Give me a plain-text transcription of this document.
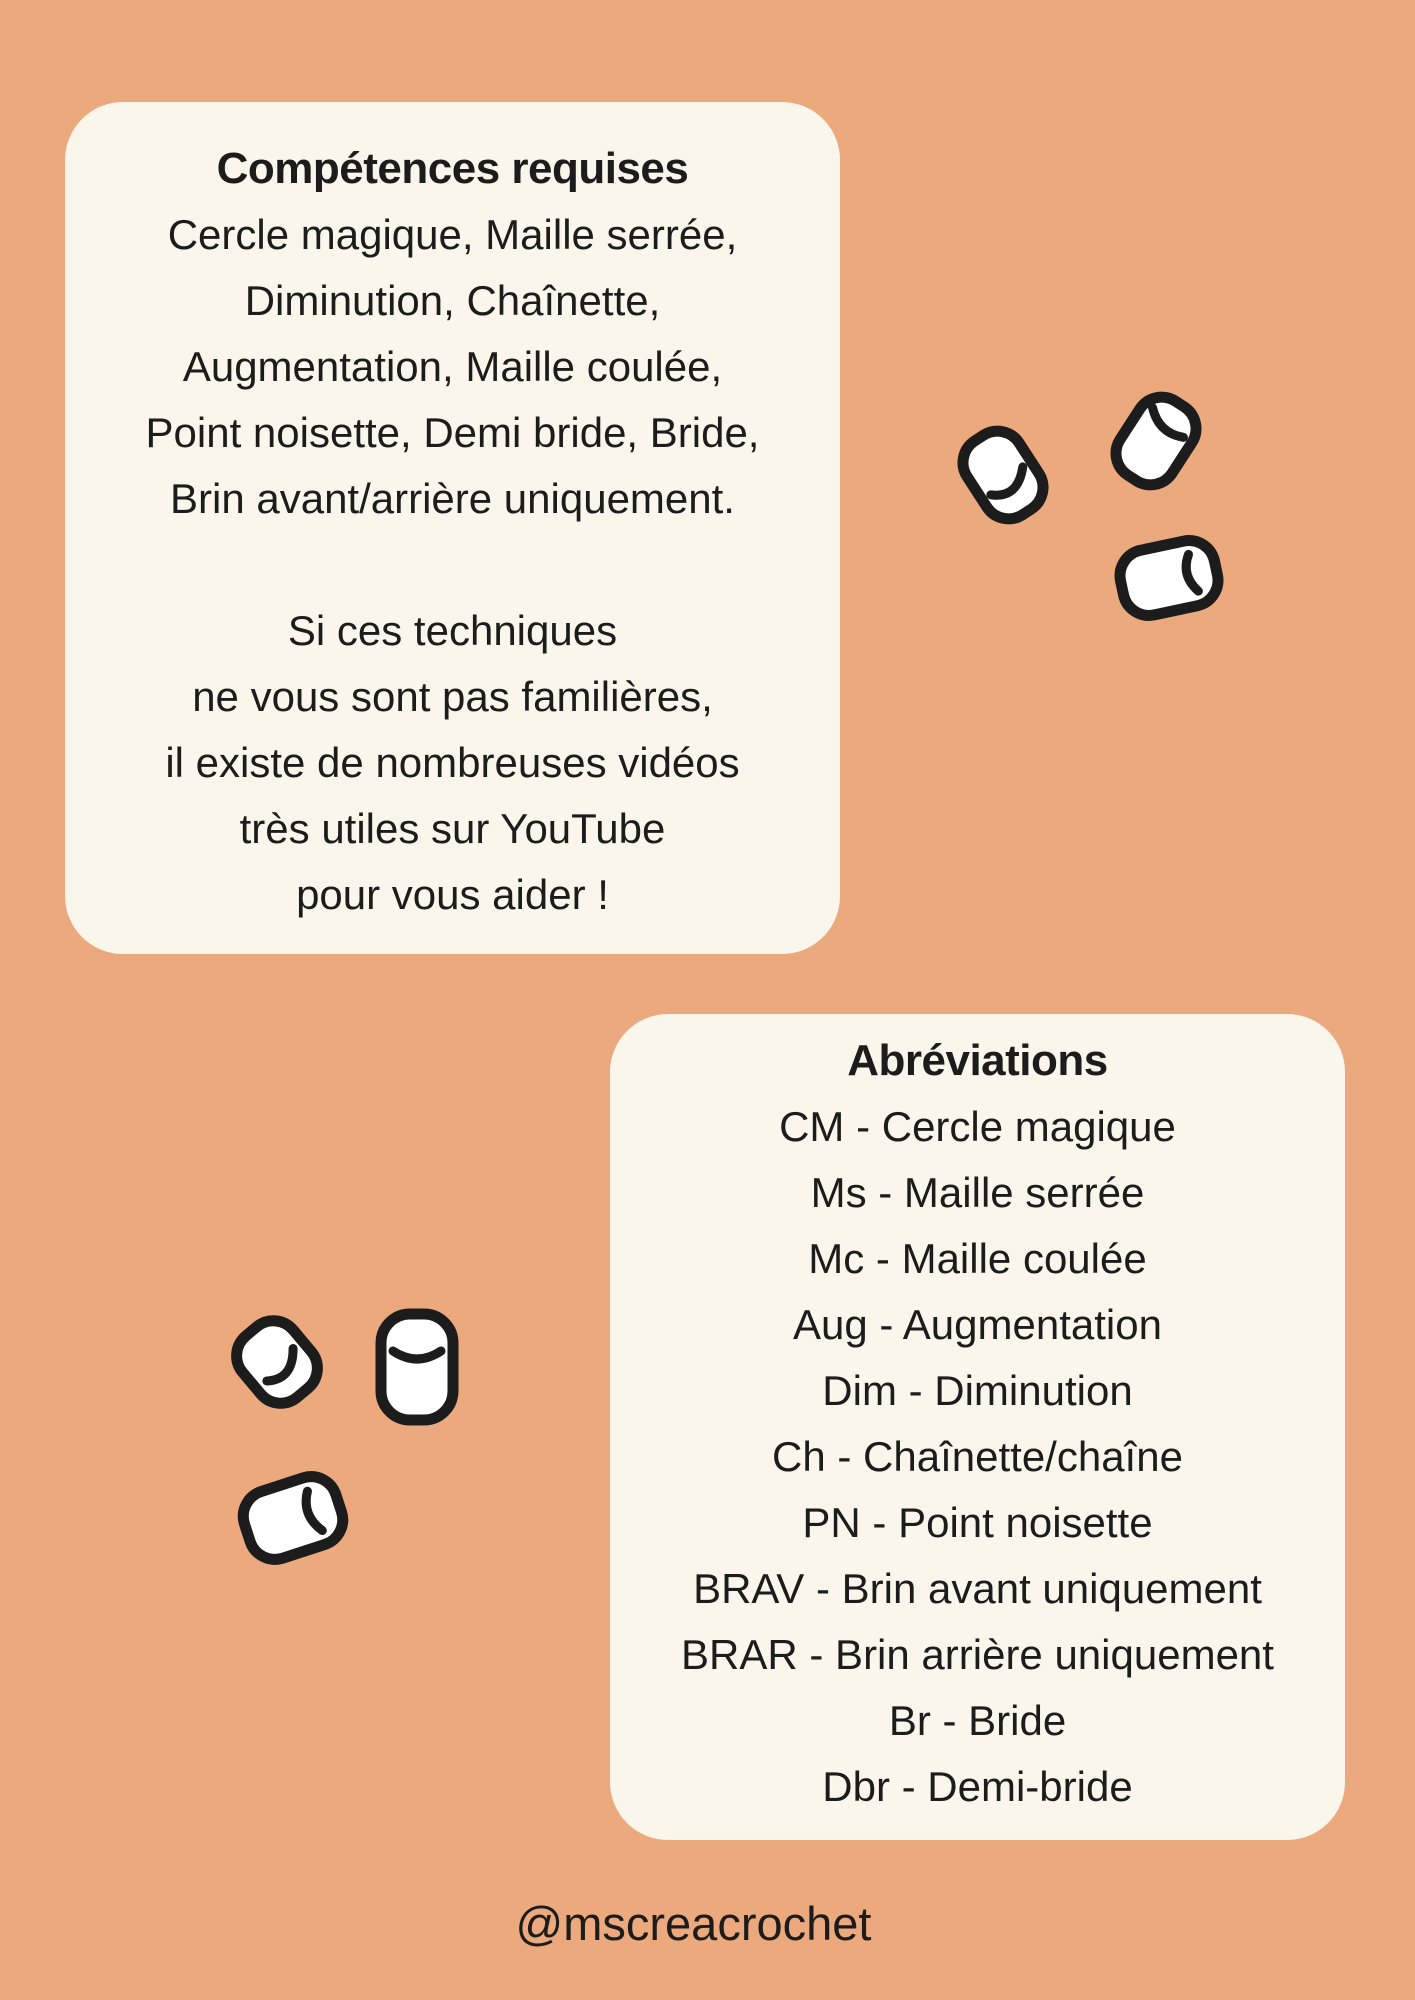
Compétences requises
Cercle magique, Maille serrée,
Diminution, Chaînette,
Augmentation, Maille coulée,
Point noisette, Demi bride, Bride,
Brin avant/arrière uniquement.
Si ces techniques
ne vous sont pas familières,
il existe de nombreuses vidéos
très utiles sur YouTube
pour vous aider !
Abréviations
CM - Cercle magique
Ms - Maille serrée
Mc - Maille coulée
Aug - Augmentation
Dim - Diminution
Ch - Chaînette/chaîne
PN - Point noisette
BRAV - Brin avant uniquement
BRAR - Brin arrière uniquement
Br - Bride
Dbr - Demi-bride
@mscreacrochet
